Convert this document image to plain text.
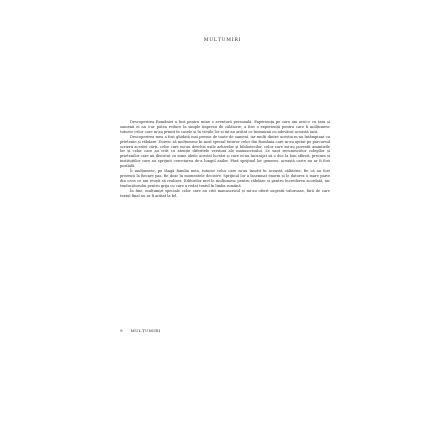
MULȚUMIRI

Descoperirea României a fost pentru mine o aventură personală. Experiența pe care am avut-o cu țara și oamenii ei nu s-ar putea reduce la simple impresii de călătorie; a fost o experiență pentru care îi mulțumesc tuturor celor care m-au primit în casele și în viețile lor și mi-au arătat ce înseamnă cu adevărat această țară.

Descoperirea mea a fost ghidată mai presus de toate de oameni, iar mulți dintre aceștia m-au întâmpinat cu prietenie și răbdare. Doresc să mulțumesc în mod special tuturor celor din România care m-au ajutat pe parcursul scrierii acestei cărți, celor care mi-au deschis ușile arhivelor și bibliotecilor, celor care mi-au povestit amintirile lor și celor care au citit cu atenție diferitele versiuni ale manuscrisului. Le sunt recunoscător colegilor și prietenilor care au discutat cu mine ideile acestei lucrări și care m-au încurajat să o duc la bun sfârșit, precum și instituțiilor care au sprijinit cercetarea de-a lungul anilor. Fără sprijinul lor generos, această carte nu ar fi fost posibilă.

Îi mulțumesc, pe lângă familia mea, tuturor celor care m-au însoțit în această călătorie, fie că au fost prezenți la fiecare pas, fie doar în momentele decisive. Sprijinul lor a însemnat enorm și le datorez o mare parte din ceea ce am reușit să realizez. Editorilor mei le mulțumesc pentru răbdare și pentru încrederea acordată, iar traducătorului pentru grija cu care a redat textul în limba română.

În fine, mulțumiri speciale celor care au citit manuscrisul și mi-au oferit sugestii valoroase, fără de care textul final nu ar fi arătat la fel.

9 MULȚUMIRI
